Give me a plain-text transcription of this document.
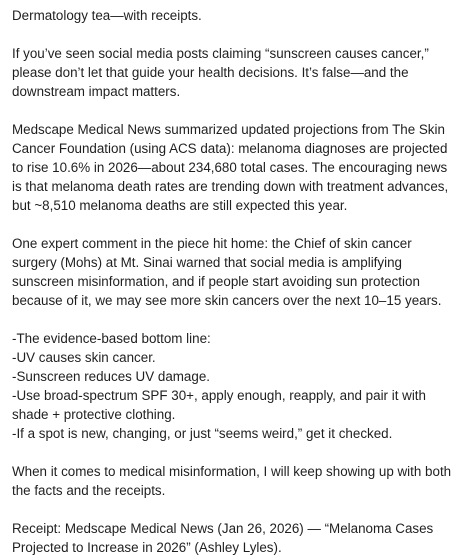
Dermatology tea—with receipts.

If you’ve seen social media posts claiming “sunscreen causes cancer,” please don’t let that guide your health decisions. It’s false—and the downstream impact matters.

Medscape Medical News summarized updated projections from The Skin Cancer Foundation (using ACS data): melanoma diagnoses are projected to rise 10.6% in 2026—about 234,680 total cases. The encouraging news is that melanoma death rates are trending down with treatment advances, but ~8,510 melanoma deaths are still expected this year.

One expert comment in the piece hit home: the Chief of skin cancer surgery (Mohs) at Mt. Sinai warned that social media is amplifying sunscreen misinformation, and if people start avoiding sun protection because of it, we may see more skin cancers over the next 10–15 years.

-The evidence-based bottom line:
-UV causes skin cancer.
-Sunscreen reduces UV damage.
-Use broad-spectrum SPF 30+, apply enough, reapply, and pair it with shade + protective clothing.
-If a spot is new, changing, or just “seems weird,” get it checked.

When it comes to medical misinformation, I will keep showing up with both the facts and the receipts.

Receipt: Medscape Medical News (Jan 26, 2026) — “Melanoma Cases Projected to Increase in 2026” (Ashley Lyles).
